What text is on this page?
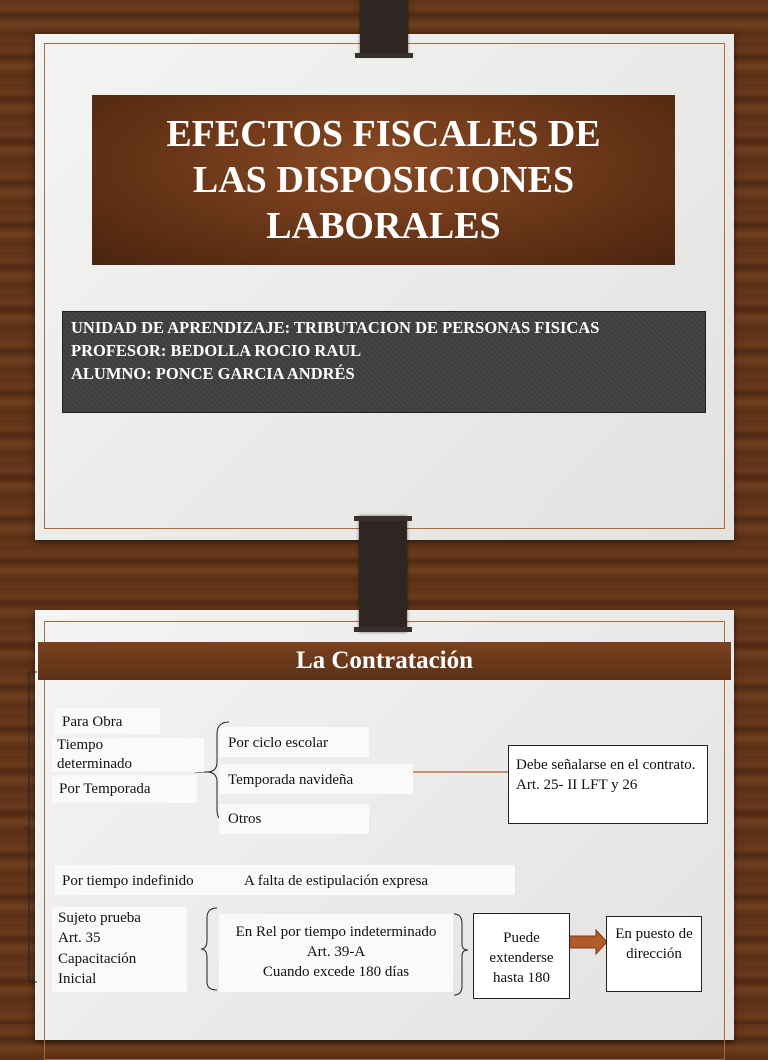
EFECTOS FISCALES DE
LAS DISPOSICIONES
LABORALES
UNIDAD DE APRENDIZAJE: TRIBUTACION DE PERSONAS FISICAS
PROFESOR: BEDOLLA ROCIO RAUL
ALUMNO: PONCE GARCIA ANDRÉS
La Contratación
Para Obra
Tiempo
determinado
Por Temporada
Por ciclo escolar
Temporada navideña
Otros
Debe señalarse en el contrato. Art. 25- II LFT y 26
Por tiempo indefinido	A falta de estipulación expresa
Sujeto prueba
Art. 35
Capacitación
Inicial
En Rel por tiempo indeterminado
Art. 39-A
Cuando excede 180 días
Puede extenderse hasta 180
En puesto de dirección
